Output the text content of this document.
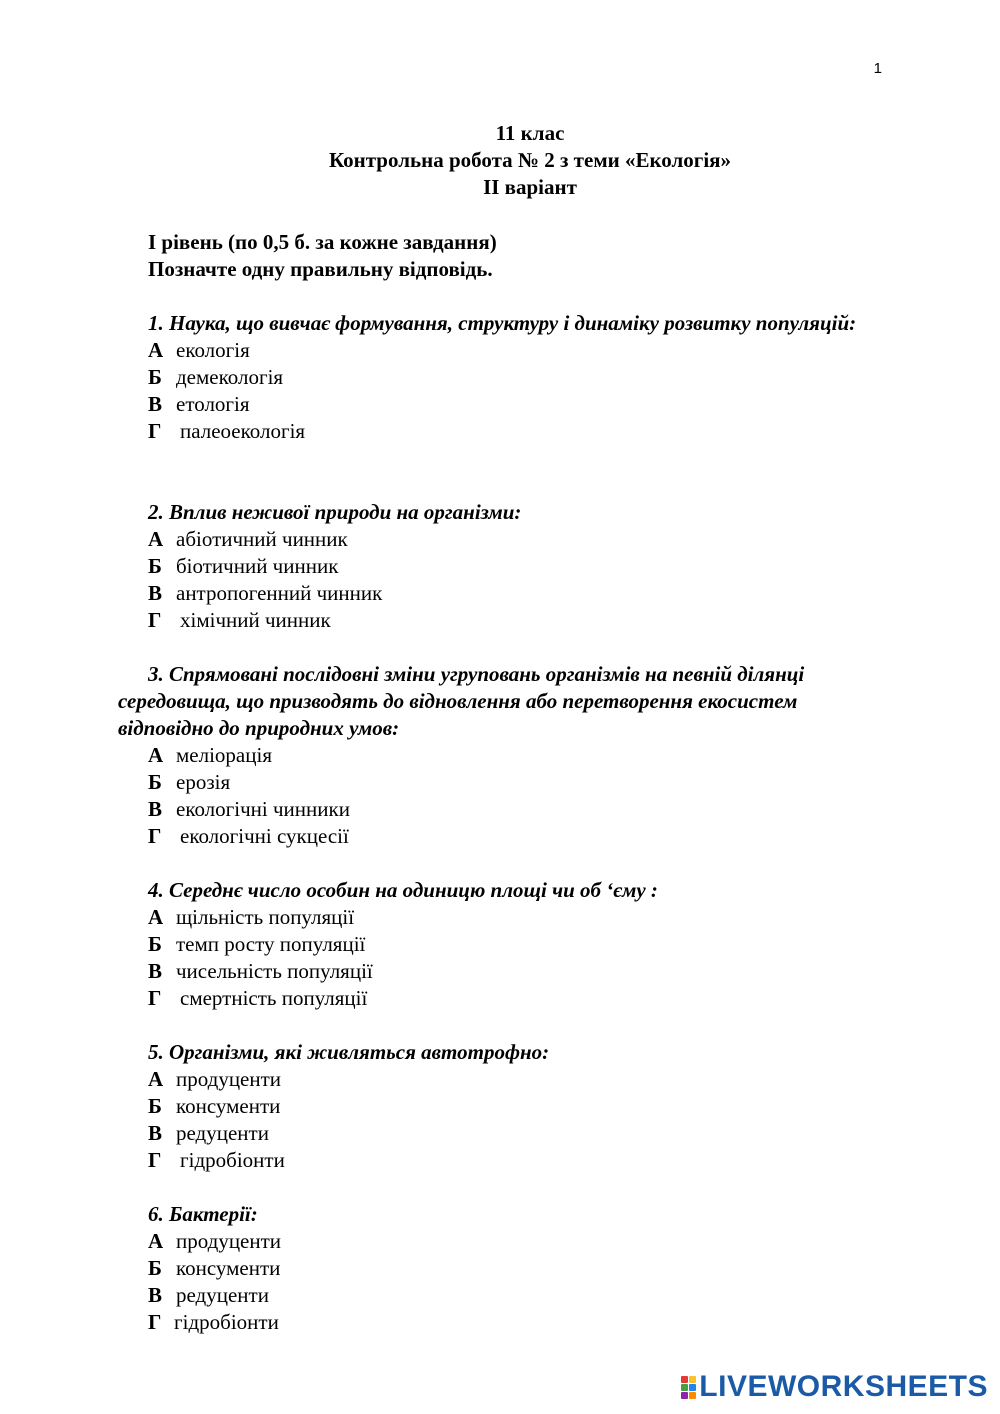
1
11 клас
Контрольна робота № 2 з теми «Екологія»
ІІ варіант
І рівень (по 0,5 б. за кожне завдання)
Позначте одну правильну відповідь.

1. Наука, що вивчає формування, структуру і динаміку розвитку популяцій:

А екологія
Б демекологія
В етологія
Г палеоекологія

2. Вплив неживої природи на організми:

А абіотичний чинник
Б біотичний чинник
В антропогенний чинник
Г хімічний чинник

3. Спрямовані послідовні зміни угруповань організмів на певній ділянці середовища, що призводять до відновлення або перетворення екосистем відповідно до природних умов:

А меліорація
Б ерозія
В екологічні чинники
Г екологічні сукцесії

4. Середнє число особин на одиницю площі чи об ‘єму :

А щільність популяції
Б темп росту популяції
В чисельність популяції
Г смертність популяції

5. Організми, які живляться автотрофно:

А продуценти
Б консументи
В редуценти
Г гідробіонти

6. Бактерії:

А продуценти
Б консументи
В редуценти
Г гідробіонти
LIVEWORKSHEETS
